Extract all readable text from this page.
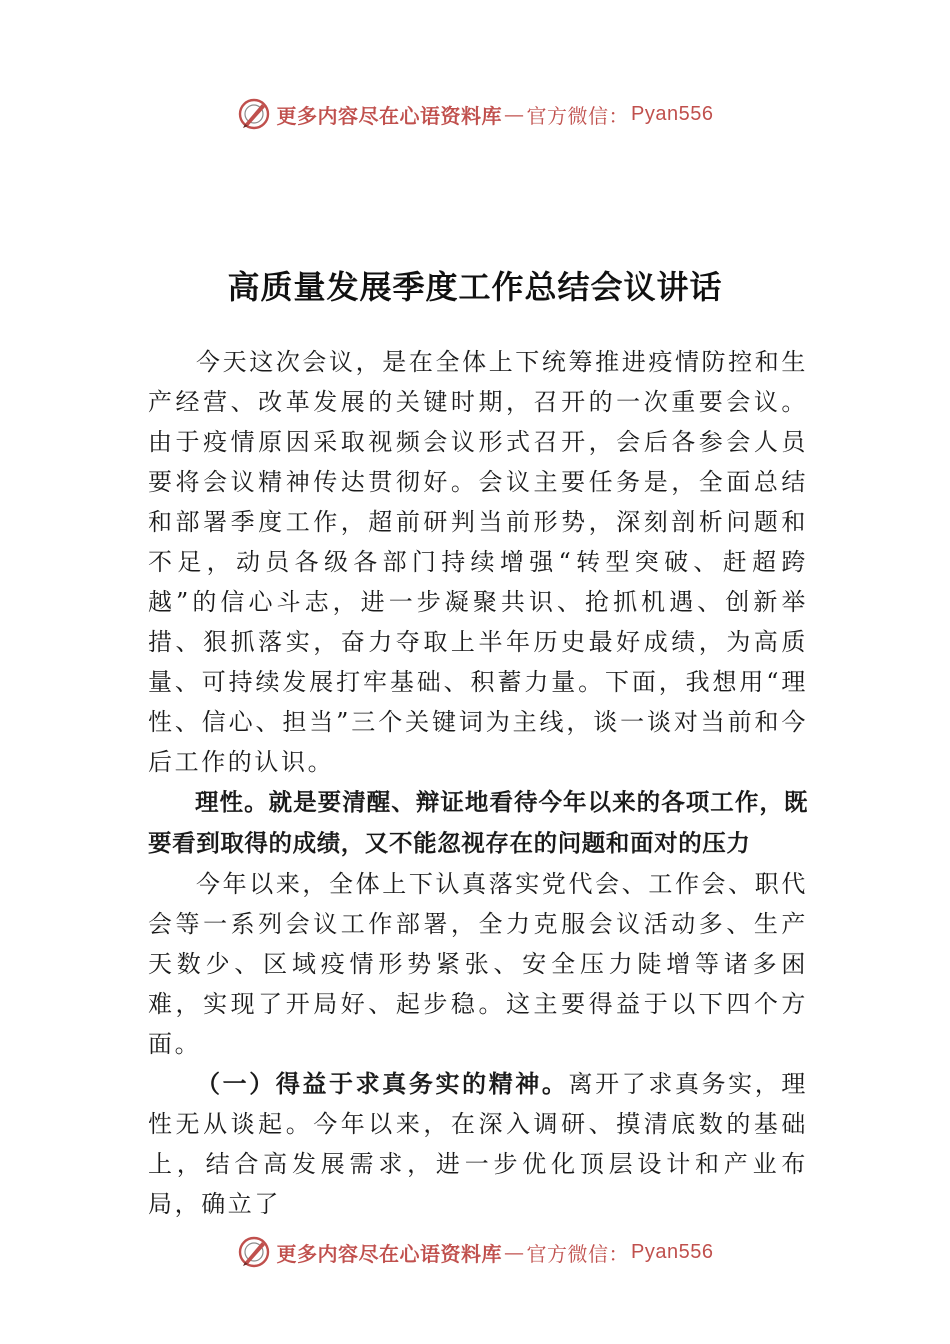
更多内容尽在心语资料库 — 官方微信： Pyan556
高质量发展季度工作总结会议讲话

今天这次会议，是在全体上下统筹推进疫情防控和生产经营、改革发展的关键时期，召开的一次重要会议。由于疫情原因采取视频会议形式召开，会后各参会人员要将会议精神传达贯彻好。会议主要任务是，全面总结和部署季度工作，超前研判当前形势，深刻剖析问题和不足，动员各级各部门持续增强“转型突破、赶超跨越”的信心斗志，进一步凝聚共识、抢抓机遇、创新举措、狠抓落实，奋力夺取上半年历史最好成绩，为高质量、可持续发展打牢基础、积蓄力量。下面，我想用“理性、信心、担当”三个关键词为主线，谈一谈对当前和今后工作的认识。

理性。就是要清醒、辩证地看待今年以来的各项工作，既要看到取得的成绩，又不能忽视存在的问题和面对的压力

今年以来，全体上下认真落实党代会、工作会、职代会等一系列会议工作部署，全力克服会议活动多、生产天数少、区域疫情形势紧张、安全压力陡增等诸多困难，实现了开局好、起步稳。这主要得益于以下四个方面。

（一）得益于求真务实的精神。离开了求真务实，理性无从谈起。今年以来，在深入调研、摸清底数的基础上，结合高发展需求，进一步优化顶层设计和产业布局，确立了

更多内容尽在心语资料库 — 官方微信： Pyan556
